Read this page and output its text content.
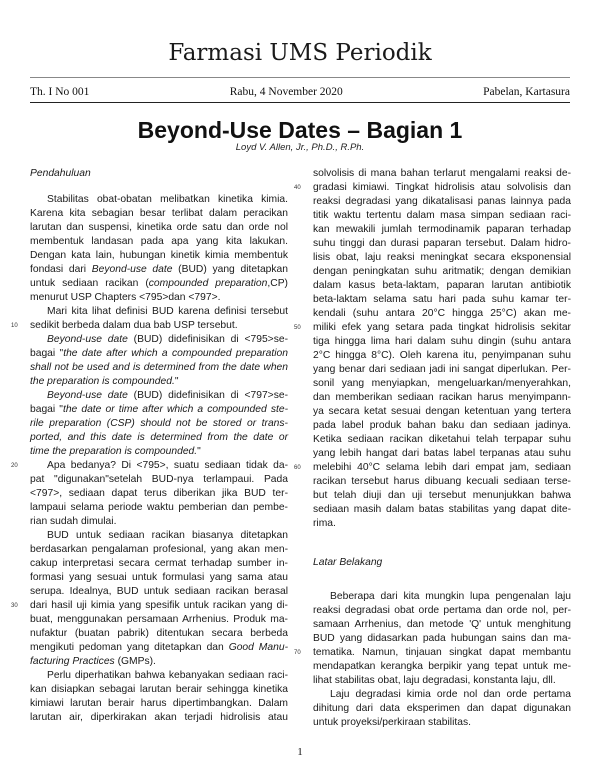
Farmasi UMS Periodik
Th. I No 001	Rabu, 4 November 2020	Pabelan, Kartasura
Beyond-Use Dates – Bagian 1
Loyd V. Allen, Jr., Ph.D., R.Ph.
Pendahuluan
Stabilitas obat-obatan melibatkan kinetika kimia.
Karena kita sebagian besar terlibat dalam peracikan
larutan dan suspensi, kinetika orde satu dan orde nol
membentuk landasan pada apa yang kita lakukan.
Dengan kata lain, hubungan kinetik kimia membentuk
fondasi dari Beyond-use date (BUD) yang ditetapkan
untuk sediaan racikan (compounded preparation,CP)
menurut USP Chapters <795>dan <797>.
Mari kita lihat definisi BUD karena definisi tersebut
10 sedikit berbeda dalam dua bab USP tersebut.
Beyond-use date (BUD) didefinisikan di <795>se-
bagai "the date after which a compounded preparation
shall not be used and is determined from the date when
the preparation is compounded."
Beyond-use date (BUD) didefinisikan di <797>se-
bagai "the date or time after which a compounded ste-
rile preparation (CSP) should not be stored or trans-
ported, and this date is determined from the date or
time the preparation is compounded."
20	Apa bedanya? Di <795>, suatu sediaan tidak da-
pat "digunakan"setelah BUD-nya terlampaui. Pada
<797>, sediaan dapat terus diberikan jika BUD ter-
lampaui selama periode waktu pemberian dan pembe-
rian sudah dimulai.
BUD untuk sediaan racikan biasanya ditetapkan
berdasarkan pengalaman profesional, yang akan men-
cakup interpretasi secara cermat terhadap sumber in-
formasi yang sesuai untuk formulasi yang sama atau
serupa. Idealnya, BUD untuk sediaan racikan berasal
30 dari hasil uji kimia yang spesifik untuk racikan yang di-
buat, menggunakan persamaan Arrhenius. Produk ma-
nufaktur (buatan pabrik) ditentukan secara berbeda
mengikuti pedoman yang ditetapkan dan Good Manu-
facturing Practices (GMPs).
Perlu diperhatikan bahwa kebanyakan sediaan raci-
kan disiapkan sebagai larutan berair sehingga kinetika
kimiawi larutan berair harus dipertimbangkan. Dalam
larutan air, diperkirakan akan terjadi hidrolisis atau
solvolisis di mana bahan terlarut mengalami reaksi de-
40 gradasi kimiawi. Tingkat hidrolisis atau solvolisis dan
reaksi degradasi yang dikatalisasi panas lainnya pada
titik waktu tertentu dalam masa simpan sediaan raci-
kan mewakili jumlah termodinamik paparan terhadap
suhu tinggi dan durasi paparan tersebut. Dalam hidro-
lisis obat, laju reaksi meningkat secara eksponensial
dengan peningkatan suhu aritmatik; dengan demikian
dalam kasus beta-laktam, paparan larutan antibiotik
beta-laktam selama satu hari pada suhu kamar ter-
kendali (suhu antara 20°C hingga 25°C) akan me-
50 miliki efek yang setara pada tingkat hidrolisis sekitar
tiga hingga lima hari dalam suhu dingin (suhu antara
2°C hingga 8°C). Oleh karena itu, penyimpanan suhu
yang benar dari sediaan jadi ini sangat diperlukan. Per-
sonil yang menyiapkan, mengeluarkan/menyerahkan,
dan memberikan sediaan racikan harus menyimpann-
ya secara ketat sesuai dengan ketentuan yang tertera
pada label produk bahan baku dan sediaan jadinya.
Ketika sediaan racikan diketahui telah terpapar suhu
yang lebih hangat dari batas label terpanas atau suhu
60 melebihi 40°C selama lebih dari empat jam, sediaan
racikan tersebut harus dibuang kecuali sediaan terse-
but telah diuji dan uji tersebut menunjukkan bahwa
sediaan masih dalam batas stabilitas yang dapat dite-
rima.
Latar Belakang
Beberapa dari kita mungkin lupa pengenalan laju
reaksi degradasi obat orde pertama dan orde nol, per-
samaan Arrhenius, dan metode 'Q' untuk menghitung
BUD yang didasarkan pada hubungan sains dan ma-
70 tematika. Namun, tinjauan singkat dapat membantu
mendapatkan kerangka berpikir yang tepat untuk me-
lihat stabilitas obat, laju degradasi, konstanta laju, dll.
Laju degradasi kimia orde nol dan orde pertama
dihitung dari data eksperimen dan dapat digunakan
untuk proyeksi/perkiraan stabilitas.
1
